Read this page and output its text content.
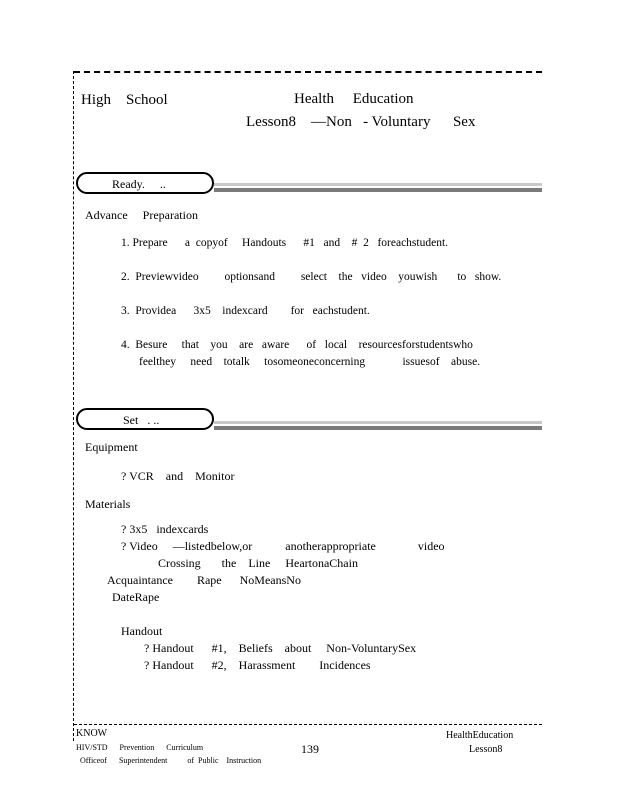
High    School	Health     Education
Lesson8    —Non   - Voluntary      Sex
Ready.     ..
Advance     Preparation
1. Prepare      a  copyof     Handouts      #1   and    #  2   foreachstudent.
2.  Previewvideo         optionsand         select    the   video    youwish       to   show.
3.  Providea      3x5    indexcard        for   eachstudent.
4.  Besure     that    you    are   aware      of   local    resourcesforstudentswho
feelthey     need    totalk     tosomeoneconcerning             issuesof    abuse.
Set   . ..
Equipment
? VCR    and    Monitor
Materials
? 3x5   indexcards
? Video     —listedbelow,or           anotherappropriate              video
Crossing       the    Line     HeartonaChain
Acquaintance        Rape      NoMeansNo
DateRape
Handout
? Handout      #1,    Beliefs    about     Non-VoluntarySex
? Handout      #2,    Harassment        Incidences
KNOW
HIV/STD      Prevention      Curriculum
Officeof      Superintendent          of  Public    Instruction
139
HealthEducation
Lesson8
